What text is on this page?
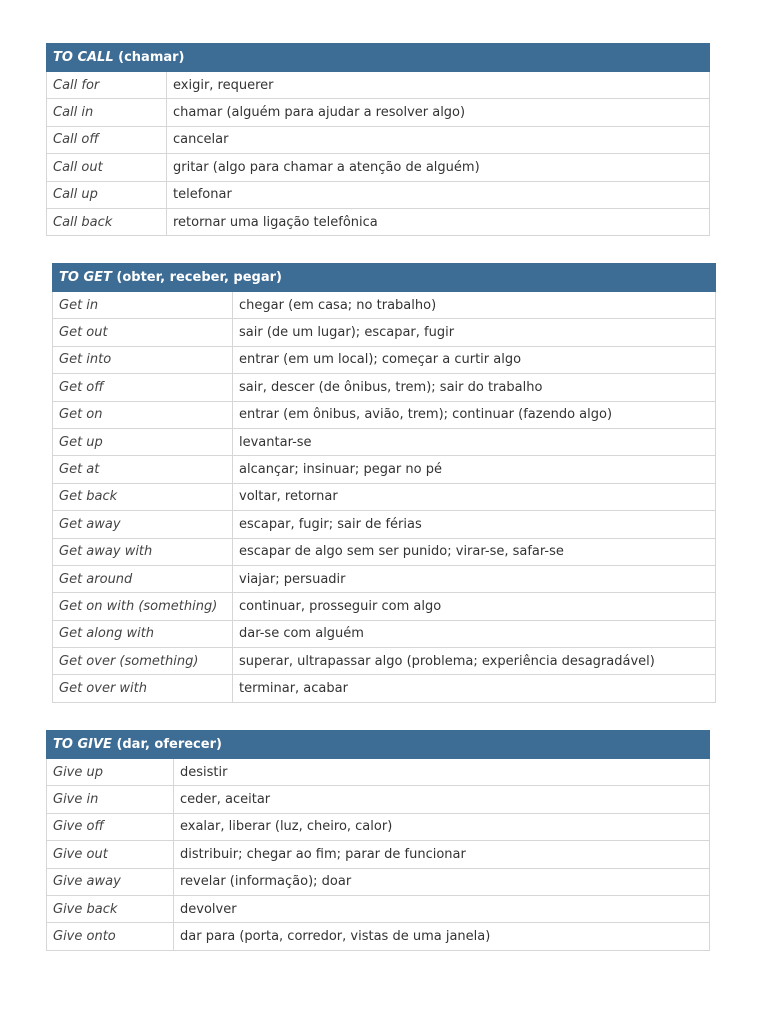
TO CALL (chamar)	
Call for	exigir, requerer
Call in	chamar (alguém para ajudar a resolver algo)
Call off	cancelar
Call out	gritar (algo para chamar a atenção de alguém)
Call up	telefonar
Call back	retornar uma ligação telefônica
TO GET (obter, receber, pegar)	
Get in	chegar (em casa; no trabalho)
Get out	sair (de um lugar); escapar, fugir
Get into	entrar (em um local); começar a curtir algo
Get off	sair, descer (de ônibus, trem); sair do trabalho
Get on	entrar (em ônibus, avião, trem); continuar (fazendo algo)
Get up	levantar-se
Get at	alcançar; insinuar; pegar no pé
Get back	voltar, retornar
Get away	escapar, fugir; sair de férias
Get away with	escapar de algo sem ser punido; virar-se, safar-se
Get around	viajar; persuadir
Get on with (something)	continuar, prosseguir com algo
Get along with	dar-se com alguém
Get over (something)	superar, ultrapassar algo (problema; experiência desagradável)
Get over with	terminar, acabar
TO GIVE (dar, oferecer)	
Give up	desistir
Give in	ceder, aceitar
Give off	exalar, liberar (luz, cheiro, calor)
Give out	distribuir; chegar ao fim; parar de funcionar
Give away	revelar (informação); doar
Give back	devolver
Give onto	dar para (porta, corredor, vistas de uma janela)
